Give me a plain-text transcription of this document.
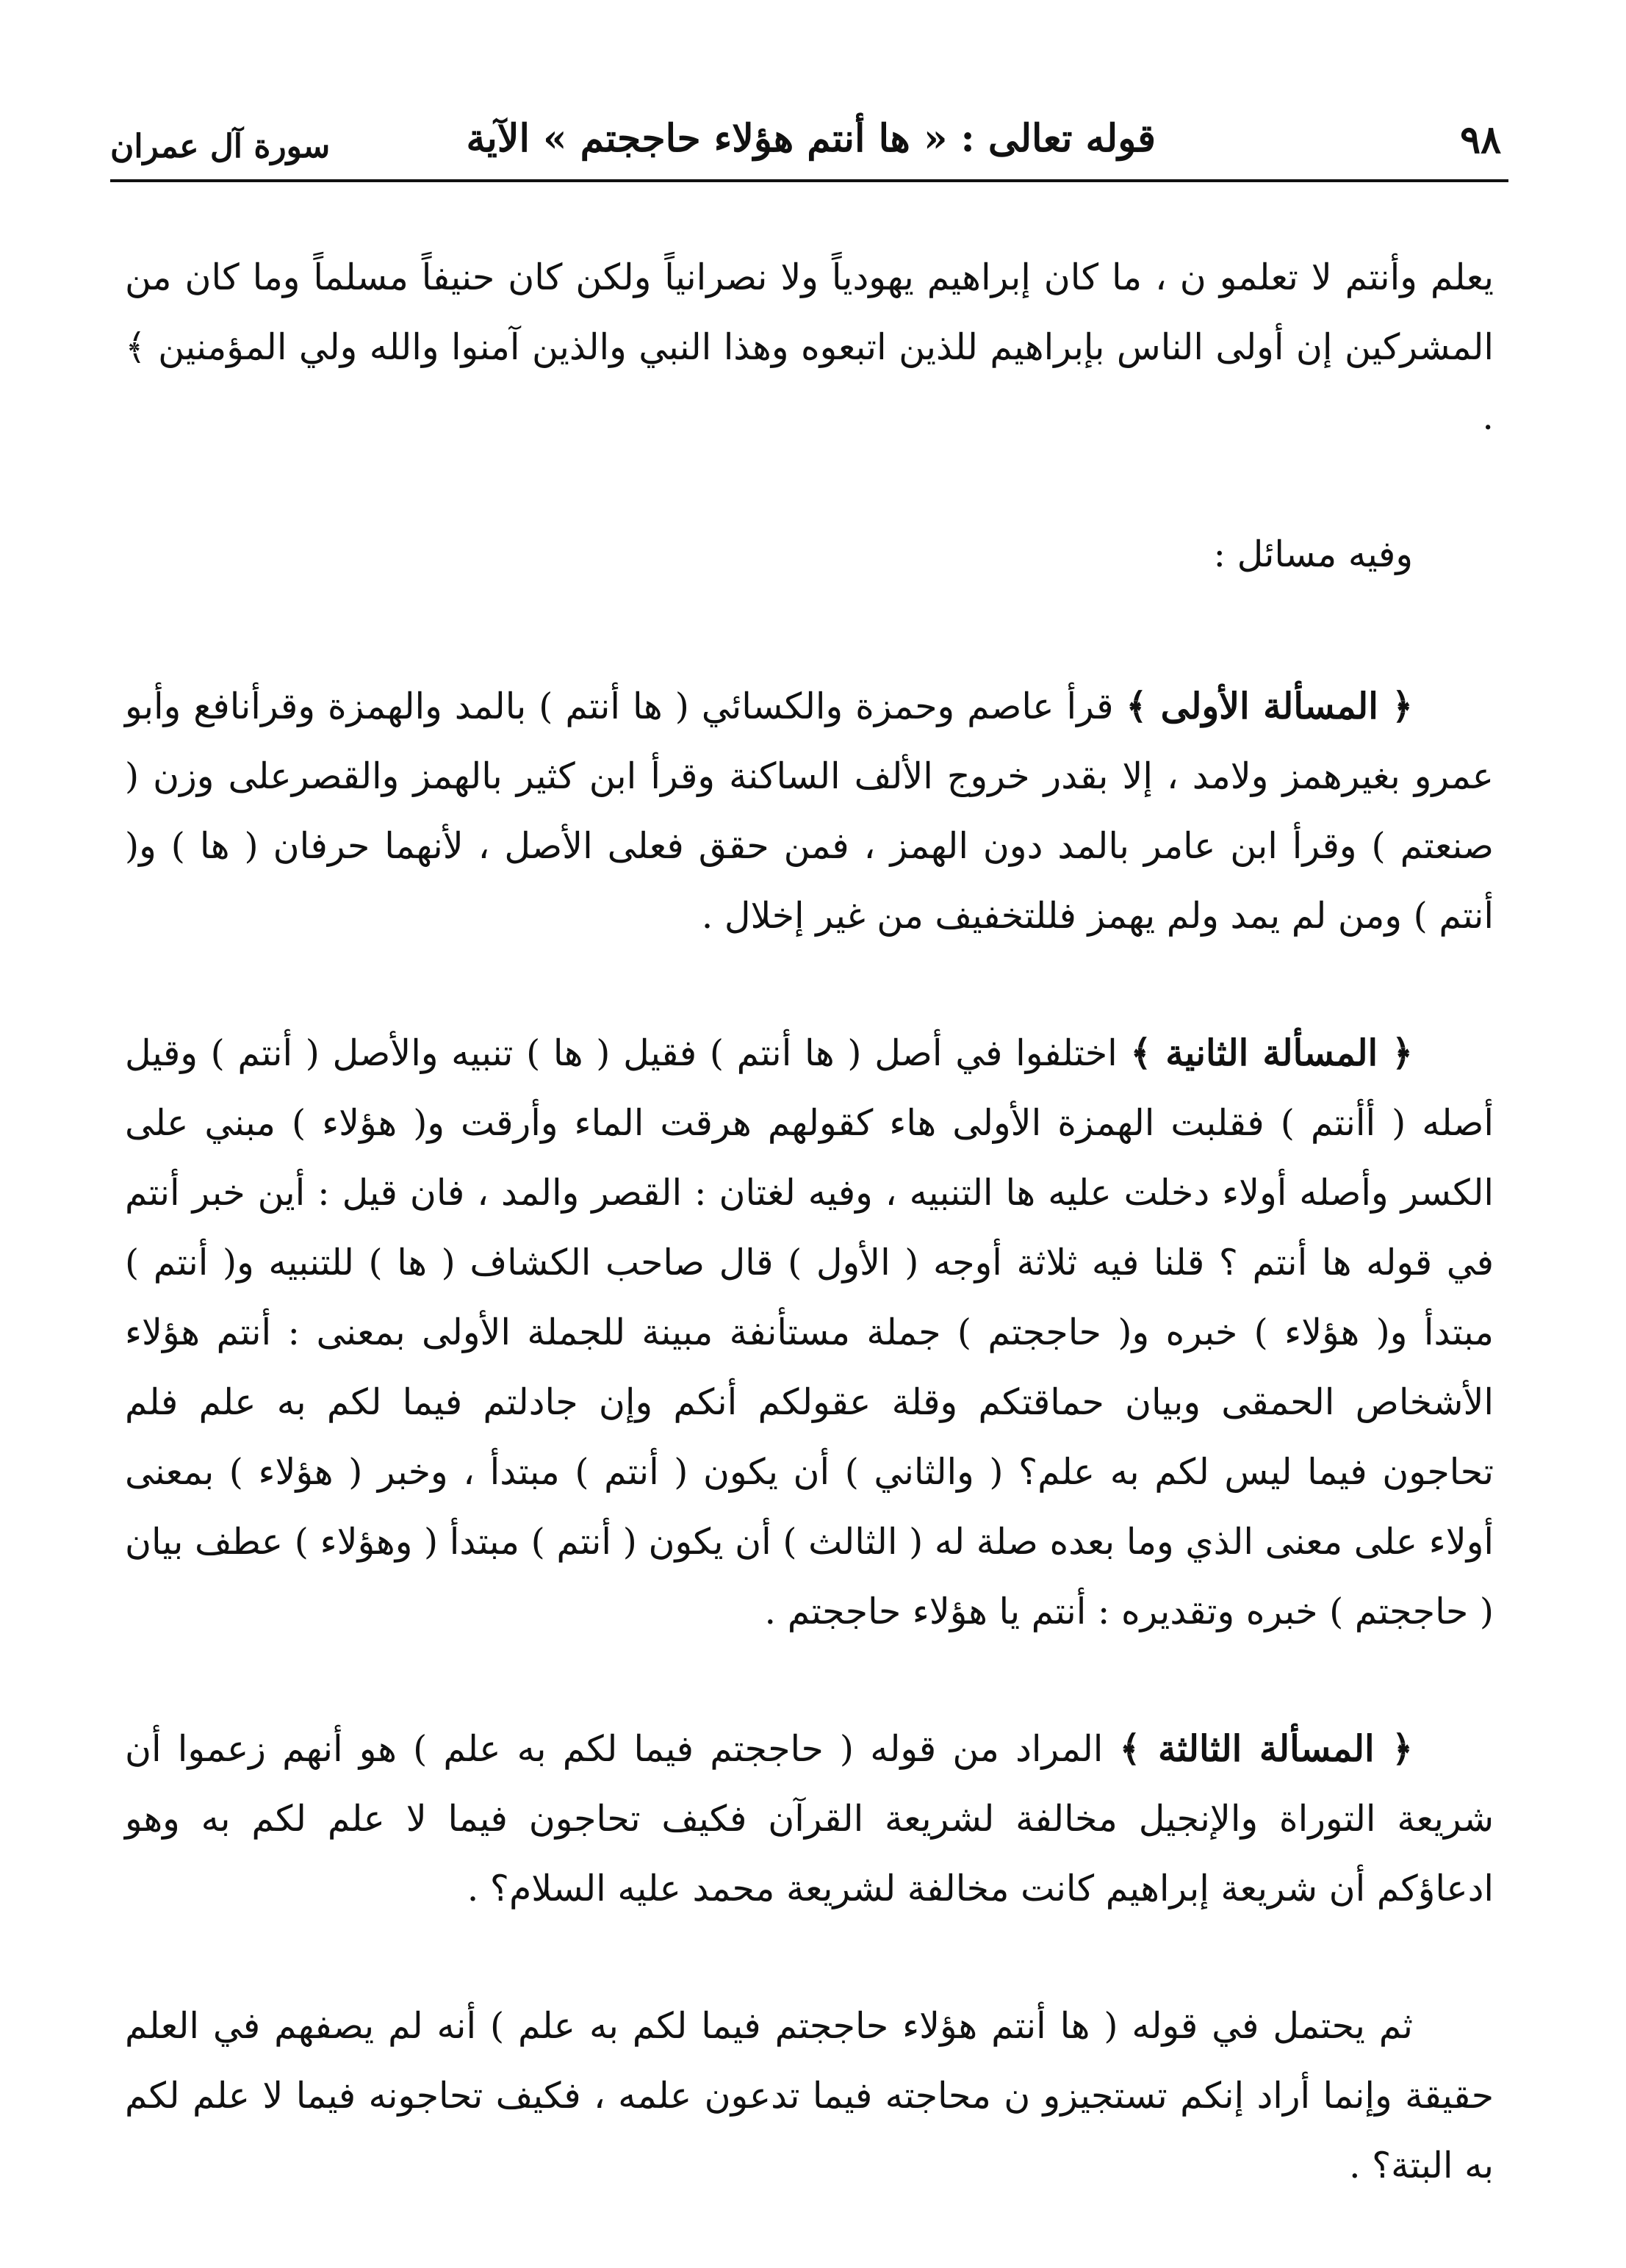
٩٨
قوله تعالى : « ها أنتم هؤلاء حاججتم » الآية
سورة آل عمران

يعلم وأنتم لا تعلمو ن ، ما كان إبراهيم يهودياً ولا نصرانياً ولكن كان حنيفاً مسلماً وما كان من المشركين إن أولى الناس بإبراهيم للذين اتبعوه وهذا النبي والذين آمنوا والله ولي المؤمنين ﴾ .

وفيه مسائل :

﴿ المسألة الأولى ﴾ قرأ عاصم وحمزة والكسائي ( ها أنتم ) بالمد والهمزة وقرأنافع وأبو عمرو بغيرهمز ولامد ، إلا بقدر خروج الألف الساكنة وقرأ ابن كثير بالهمز والقصرعلى وزن ( صنعتم ) وقرأ ابن عامر بالمد دون الهمز ، فمن حقق فعلى الأصل ، لأنهما حرفان ( ها ) و( أنتم ) ومن لم يمد ولم يهمز فللتخفيف من غير إخلال .

﴿ المسألة الثانية ﴾ اختلفوا في أصل ( ها أنتم ) فقيل ( ها ) تنبيه والأصل ( أنتم ) وقيل أصله ( أأنتم ) فقلبت الهمزة الأولى هاء كقولهم هرقت الماء وأرقت و( هؤلاء ) مبني على الكسر وأصله أولاء دخلت عليه ها التنبيه ، وفيه لغتان : القصر والمد ، فان قيل : أين خبر أنتم في قوله ها أنتم ؟ قلنا فيه ثلاثة أوجه ( الأول ) قال صاحب الكشاف ( ها ) للتنبيه و( أنتم ) مبتدأ و( هؤلاء ) خبره و( حاججتم ) جملة مستأنفة مبينة للجملة الأولى بمعنى : أنتم هؤلاء الأشخاص الحمقى وبيان حماقتكم وقلة عقولكم أنكم وإن جادلتم فيما لكم به علم فلم تحاجون فيما ليس لكم به علم؟ ( والثاني ) أن يكون ( أنتم ) مبتدأ ، وخبر ( هؤلاء ) بمعنى أولاء على معنى الذي وما بعده صلة له ( الثالث ) أن يكون ( أنتم ) مبتدأ ( وهؤلاء ) عطف بيان ( حاججتم ) خبره وتقديره : أنتم يا هؤلاء حاججتم .

﴿ المسألة الثالثة ﴾ المراد من قوله ( حاججتم فيما لكم به علم ) هو أنهم زعموا أن شريعة التوراة والإنجيل مخالفة لشريعة القرآن فكيف تحاجون فيما لا علم لكم به وهو ادعاؤكم أن شريعة إبراهيم كانت مخالفة لشريعة محمد عليه السلام؟ .

ثم يحتمل في قوله ( ها أنتم هؤلاء حاججتم فيما لكم به علم ) أنه لم يصفهم في العلم حقيقة وإنما أراد إنكم تستجيزو ن محاجته فيما تدعون علمه ، فكيف تحاجونه فيما لا علم لكم به البتة؟ .
